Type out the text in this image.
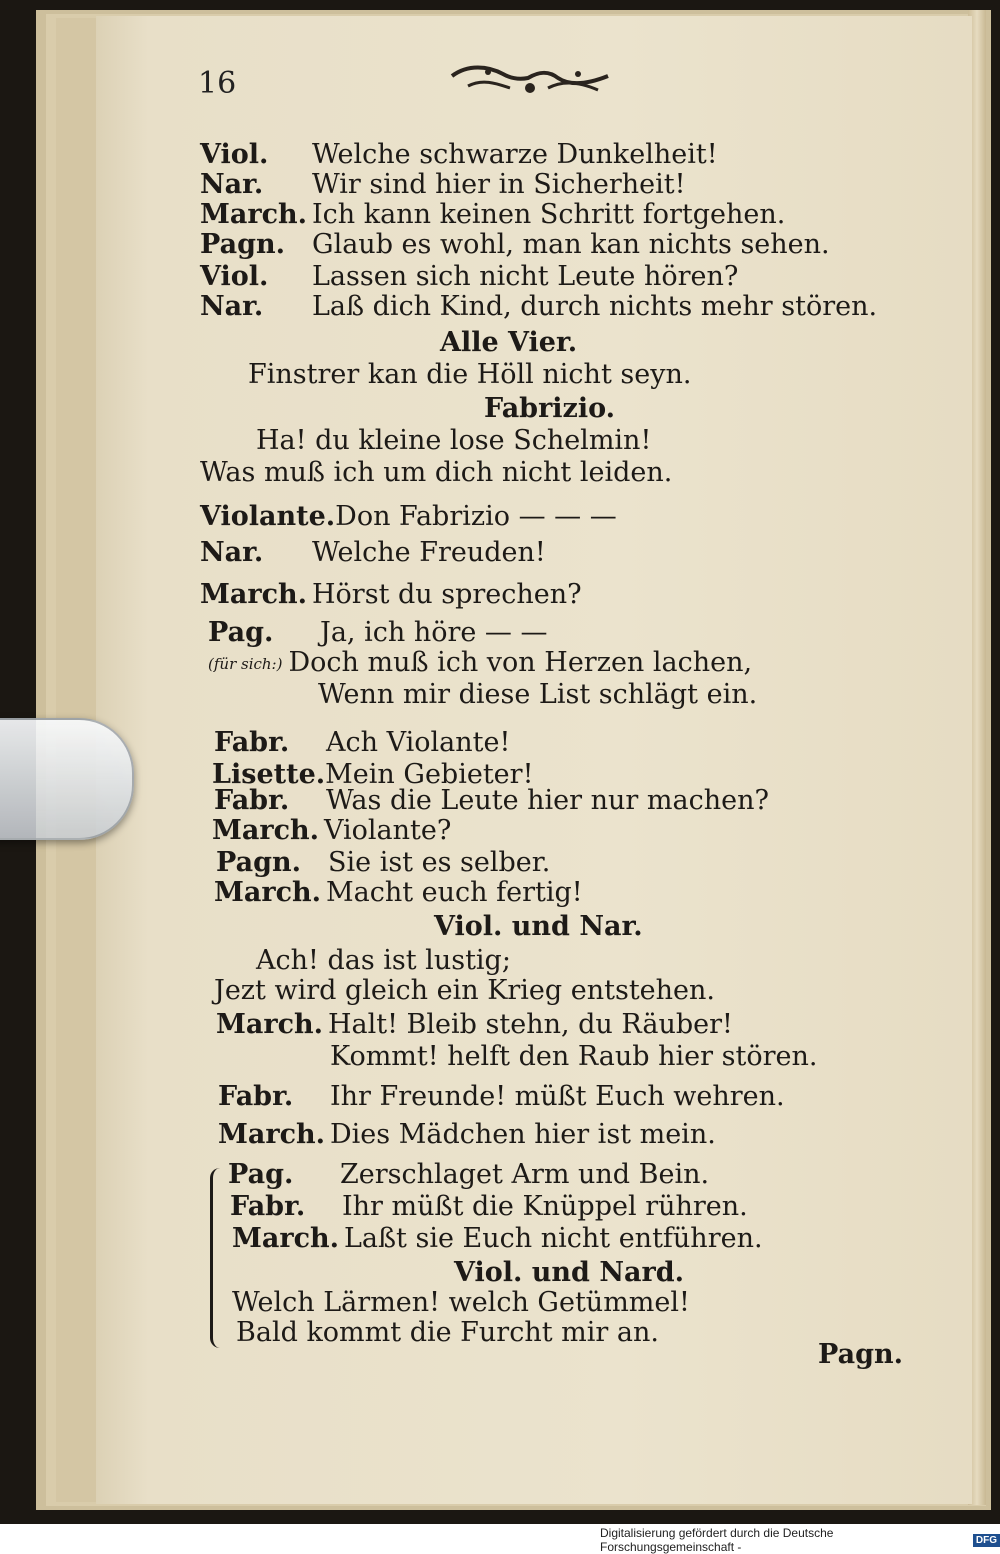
16
Viol. Welche schwarze Dunkelheit!
Nar. Wir sind hier in Sicherheit!
March. Ich kann keinen Schritt fortgehen.
Pagn. Glaub es wohl, man kan nichts sehen.
Viol. Lassen sich nicht Leute hören?
Nar. Laß dich Kind, durch nichts mehr stören.
Alle Vier.
Finstrer kan die Höll nicht seyn.
Fabrizio.
Ha! du kleine lose Schelmin!
Was muß ich um dich nicht leiden.
Violante.Don Fabrizio — — —
Nar. Welche Freuden!
March. Hörst du sprechen?
Pag. Ja, ich höre — —
(für sich:) Doch muß ich von Herzen lachen,
Wenn mir diese List schlägt ein.
Fabr. Ach Violante!
Lisette.Mein Gebieter!
Fabr. Was die Leute hier nur machen?
March. Violante?
Pagn. Sie ist es selber.
March. Macht euch fertig!
Viol. und Nar.
Ach! das ist lustig;
Jezt wird gleich ein Krieg entstehen.
March. Halt! Bleib stehn, du Räuber!
Kommt! helft den Raub hier stören.
Fabr. Ihr Freunde! müßt Euch wehren.
March. Dies Mädchen hier ist mein.
Pag. Zerschlaget Arm und Bein.
Fabr. Ihr müßt die Knüppel rühren.
March. Laßt sie Euch nicht entführen.
Viol. und Nard.
Welch Lärmen! welch Getümmel!
Bald kommt die Furcht mir an.
Pagn.
Digitalisierung gefördert durch die Deutsche Forschungsgemeinschaft -	DFG
